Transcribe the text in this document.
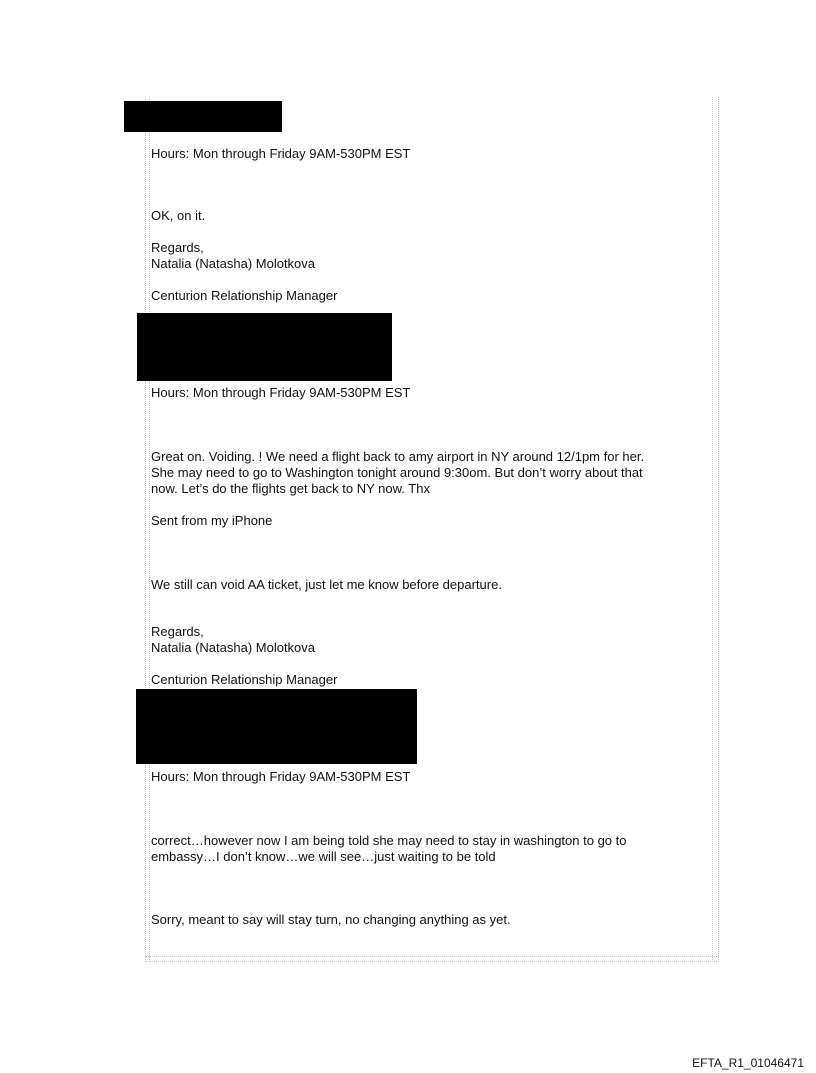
Hours: Mon through Friday 9AM-530PM EST

OK, on it.

Regards,

Natalia (Natasha) Molotkova

Centurion Relationship Manager

Hours: Mon through Friday 9AM-530PM EST

Great on. Voiding. ! We need a flight back to amy airport in NY around 12/1pm for her.

She may need to go to Washington tonight around 9:30om. But don’t worry about that

now. Let’s do the flights get back to NY now. Thx

Sent from my iPhone

We still can void AA ticket, just let me know before departure.

Regards,

Natalia (Natasha) Molotkova

Centurion Relationship Manager

Hours: Mon through Friday 9AM-530PM EST

correct…however now I am being told she may need to stay in washington to go to

embassy…I don’t know…we will see…just waiting to be told

Sorry, meant to say will stay turn, no changing anything as yet.

EFTA_R1_01046471
